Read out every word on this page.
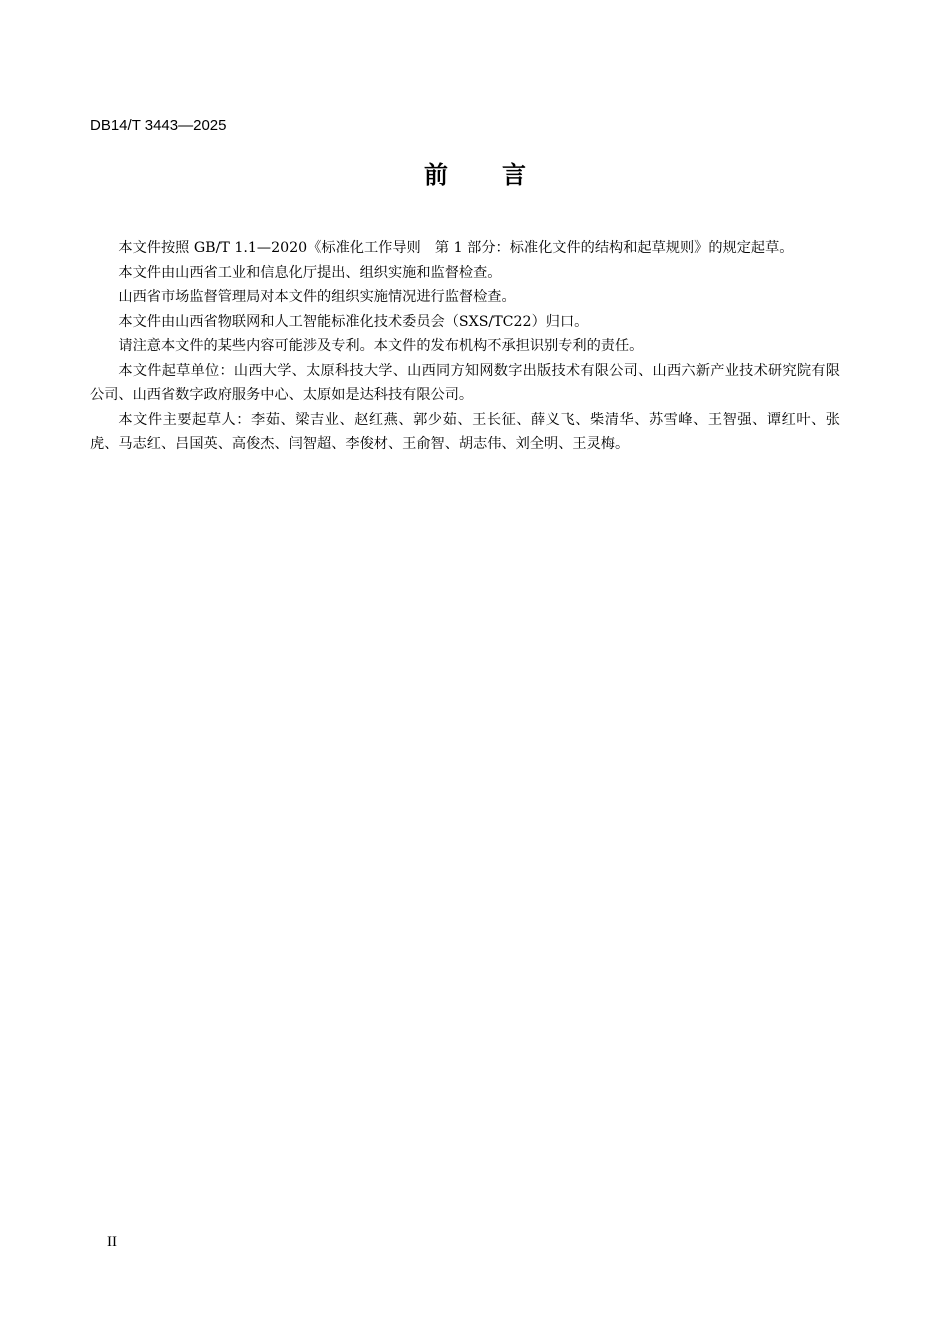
DB14/T 3443—2025
前言

本文件按照 GB/T 1.1—2020《标准化工作导则　第 1 部分：标准化文件的结构和起草规则》的规定起草。

本文件由山西省工业和信息化厅提出、组织实施和监督检查。

山西省市场监督管理局对本文件的组织实施情况进行监督检查。

本文件由山西省物联网和人工智能标准化技术委员会（SXS/TC22）归口。

请注意本文件的某些内容可能涉及专利。本文件的发布机构不承担识别专利的责任。

本文件起草单位：山西大学、太原科技大学、山西同方知网数字出版技术有限公司、山西六新产业技术研究院有限公司、山西省数字政府服务中心、太原如是达科技有限公司。

本文件主要起草人：李茹、梁吉业、赵红燕、郭少茹、王长征、薛义飞、柴清华、苏雪峰、王智强、谭红叶、张虎、马志红、吕国英、高俊杰、闫智超、李俊材、王俞智、胡志伟、刘全明、王灵梅。

II
